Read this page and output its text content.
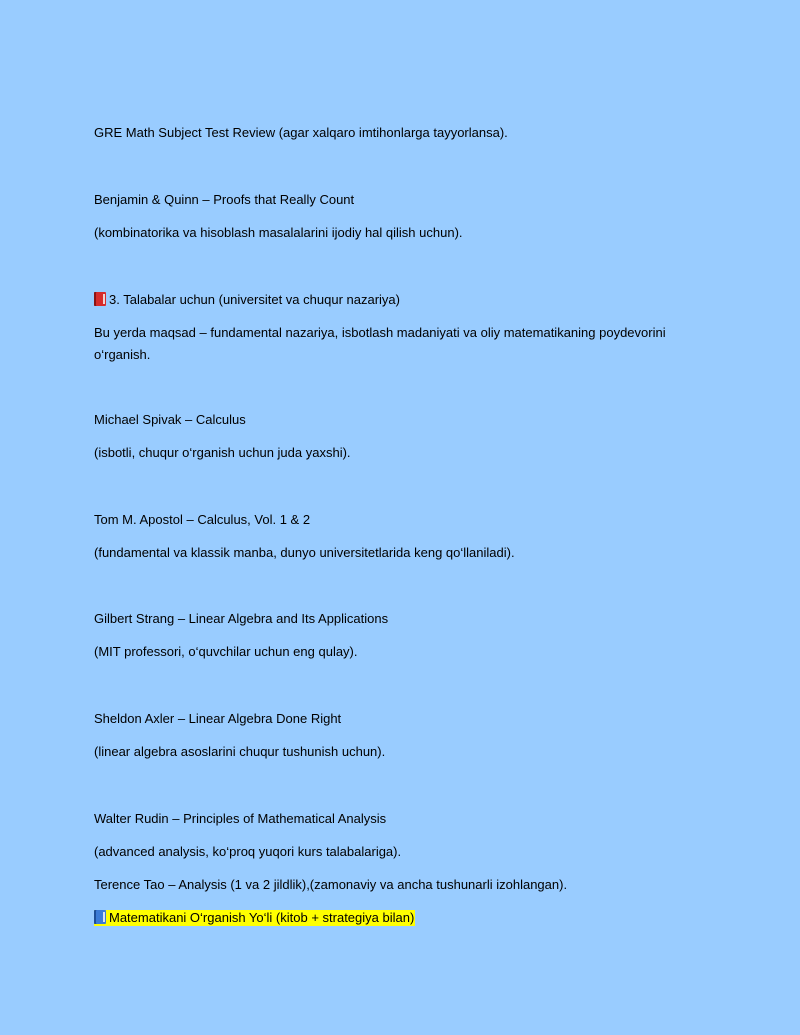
GRE Math Subject Test Review (agar xalqaro imtihonlarga tayyorlansa).
Benjamin & Quinn – Proofs that Really Count
(kombinatorika va hisoblash masalalarini ijodiy hal qilish uchun).
3. Talabalar uchun (universitet va chuqur nazariya)
Bu yerda maqsad – fundamental nazariya, isbotlash madaniyati va oliy matematikaning poydevorini o‘rganish.
Michael Spivak – Calculus
(isbotli, chuqur o‘rganish uchun juda yaxshi).
Tom M. Apostol – Calculus, Vol. 1 & 2
(fundamental va klassik manba, dunyo universitetlarida keng qo‘llaniladi).
Gilbert Strang – Linear Algebra and Its Applications
(MIT professori, o‘quvchilar uchun eng qulay).
Sheldon Axler – Linear Algebra Done Right
(linear algebra asoslarini chuqur tushunish uchun).
Walter Rudin – Principles of Mathematical Analysis
(advanced analysis, ko‘proq yuqori kurs talabalariga).
Terence Tao – Analysis (1 va 2 jildlik),(zamonaviy va ancha tushunarli izohlangan).
Matematikani O‘rganish Yo‘li (kitob + strategiya bilan)
